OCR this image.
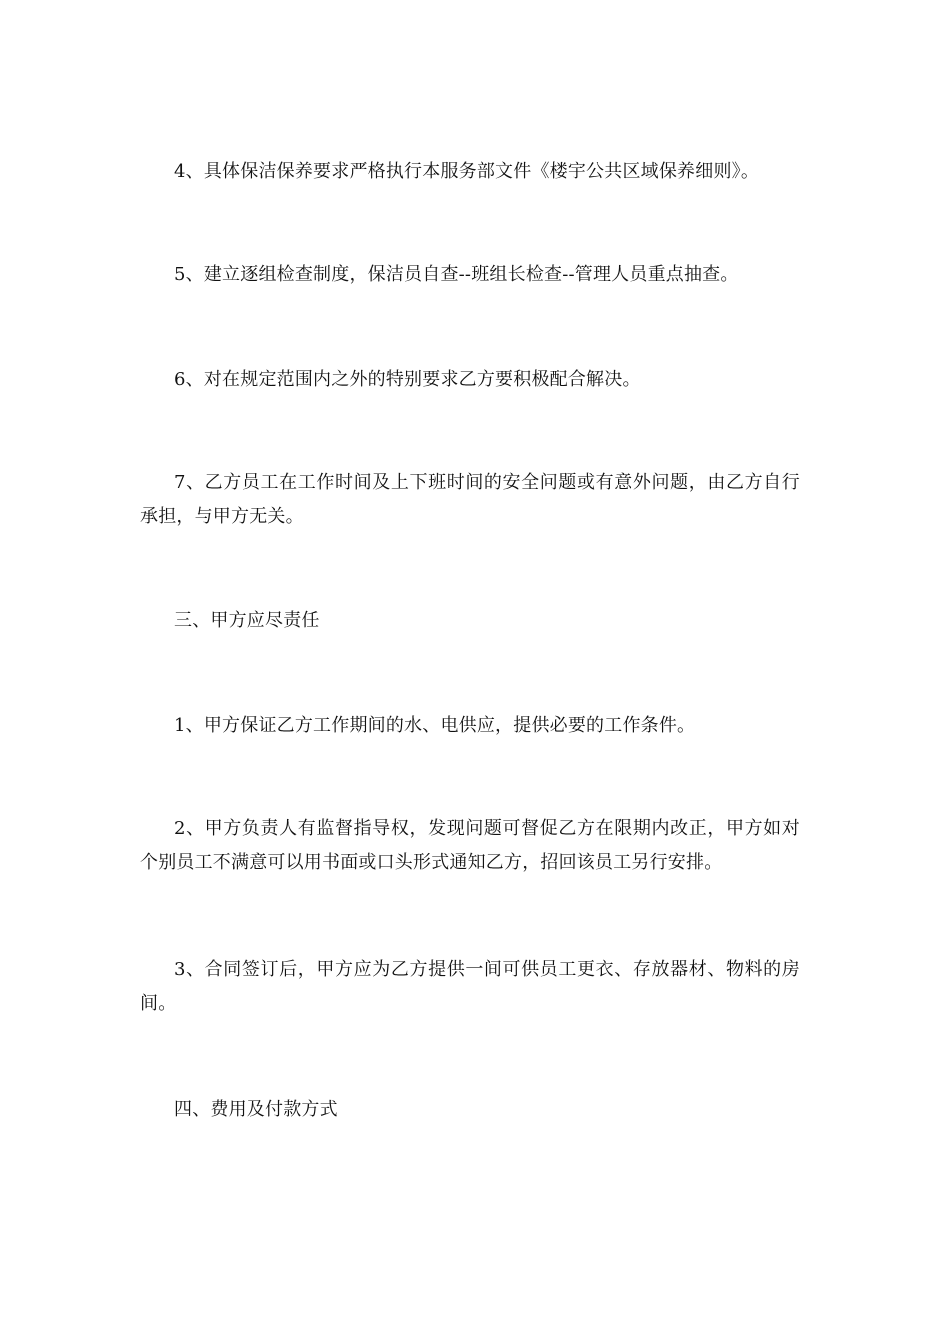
4、具体保洁保养要求严格执行本服务部文件《楼宇公共区域保养细则》。

5、建立逐组检查制度，保洁员自查--班组长检查--管理人员重点抽查。

6、对在规定范围内之外的特别要求乙方要积极配合解决。

7、乙方员工在工作时间及上下班时间的安全问题或有意外问题，由乙方自行承担，与甲方无关。

三、甲方应尽责任

1、甲方保证乙方工作期间的水、电供应，提供必要的工作条件。

2、甲方负责人有监督指导权，发现问题可督促乙方在限期内改正，甲方如对个别员工不满意可以用书面或口头形式通知乙方，招回该员工另行安排。

3、合同签订后，甲方应为乙方提供一间可供员工更衣、存放器材、物料的房间。

四、费用及付款方式
